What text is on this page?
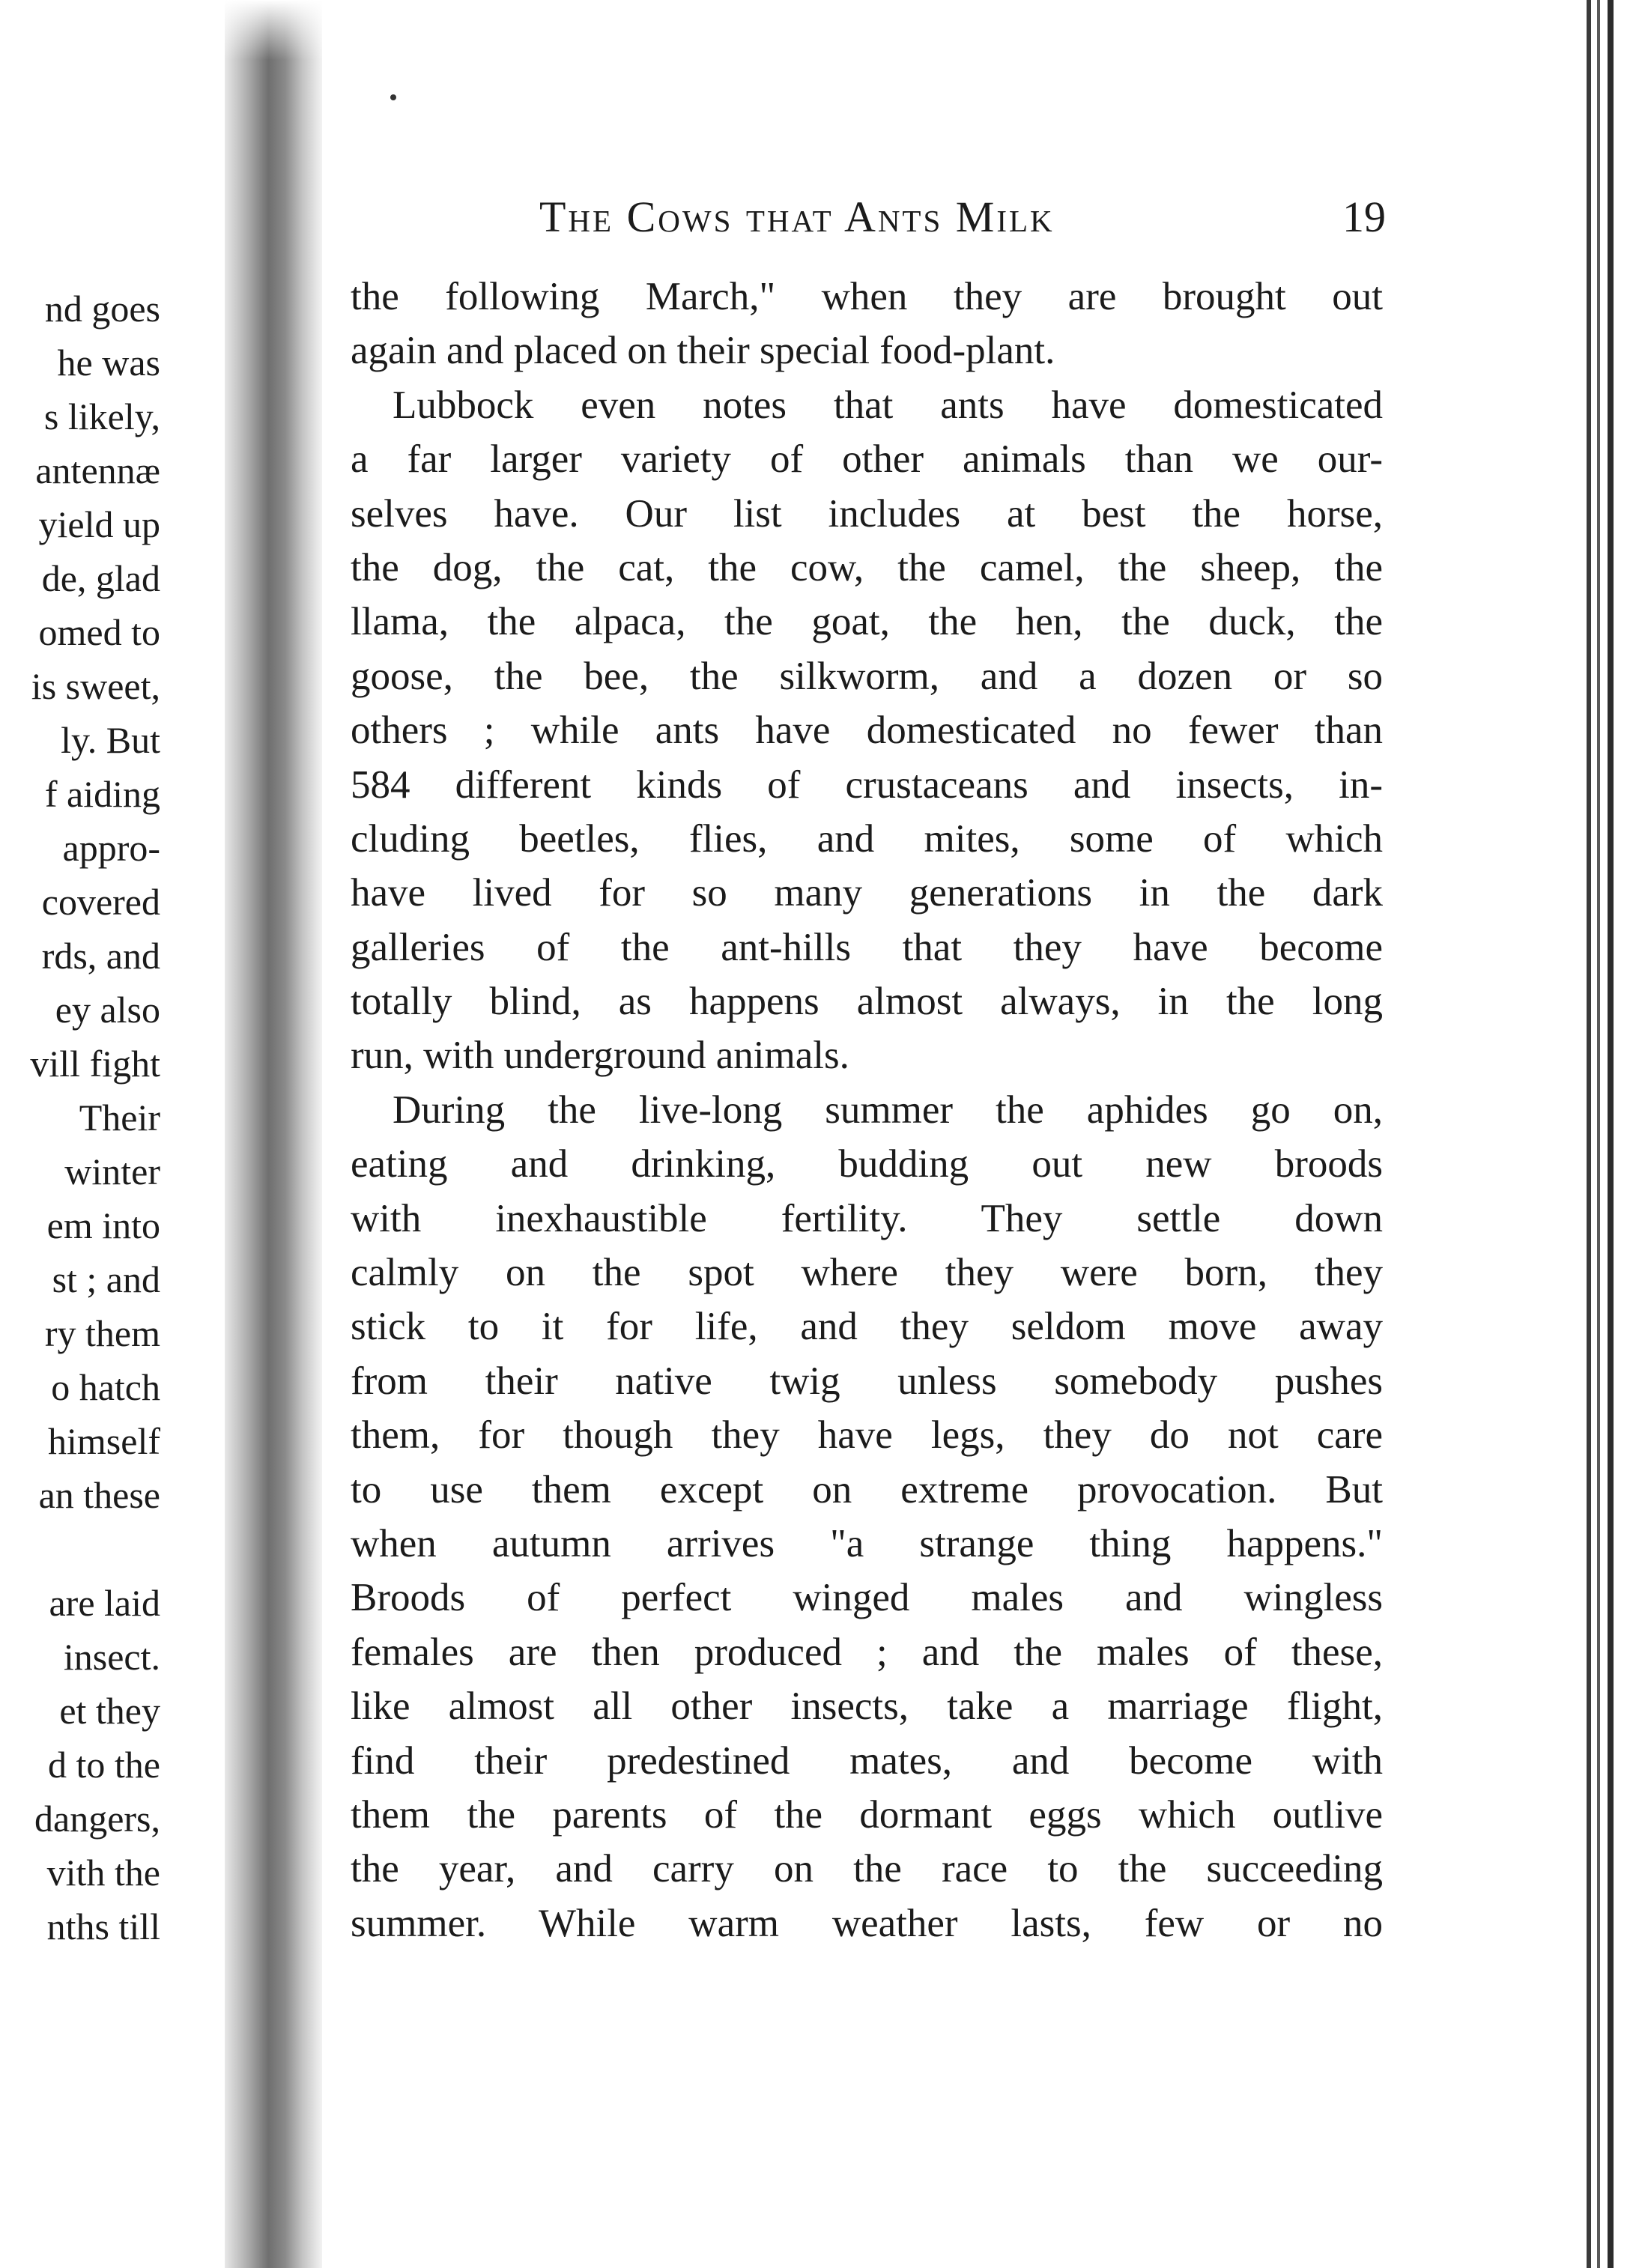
nd goes
he was
s likely,
antennæ
yield up
de, glad
omed to
is sweet,
ly. But
f aiding
appro-
covered
rds, and
ey also
vill fight
Their
winter
em into
st ; and
ry them
o hatch
himself
an these
are laid
insect.
et they
d to the
dangers,
vith the
nths till
The Cows that Ants Milk	19
the following March," when they are brought out
again and placed on their special food-plant.
Lubbock even notes that ants have domesticated
a far larger variety of other animals than we our-
selves have. Our list includes at best the horse,
the dog, the cat, the cow, the camel, the sheep, the
llama, the alpaca, the goat, the hen, the duck, the
goose, the bee, the silkworm, and a dozen or so
others ; while ants have domesticated no fewer than
584 different kinds of crustaceans and insects, in-
cluding beetles, flies, and mites, some of which
have lived for so many generations in the dark
galleries of the ant-hills that they have become
totally blind, as happens almost always, in the long
run, with underground animals.
During the live-long summer the aphides go on,
eating and drinking, budding out new broods
with inexhaustible fertility. They settle down
calmly on the spot where they were born, they
stick to it for life, and they seldom move away
from their native twig unless somebody pushes
them, for though they have legs, they do not care
to use them except on extreme provocation. But
when autumn arrives "a strange thing happens."
Broods of perfect winged males and wingless
females are then produced ; and the males of these,
like almost all other insects, take a marriage flight,
find their predestined mates, and become with
them the parents of the dormant eggs which outlive
the year, and carry on the race to the succeeding
summer. While warm weather lasts, few or no
